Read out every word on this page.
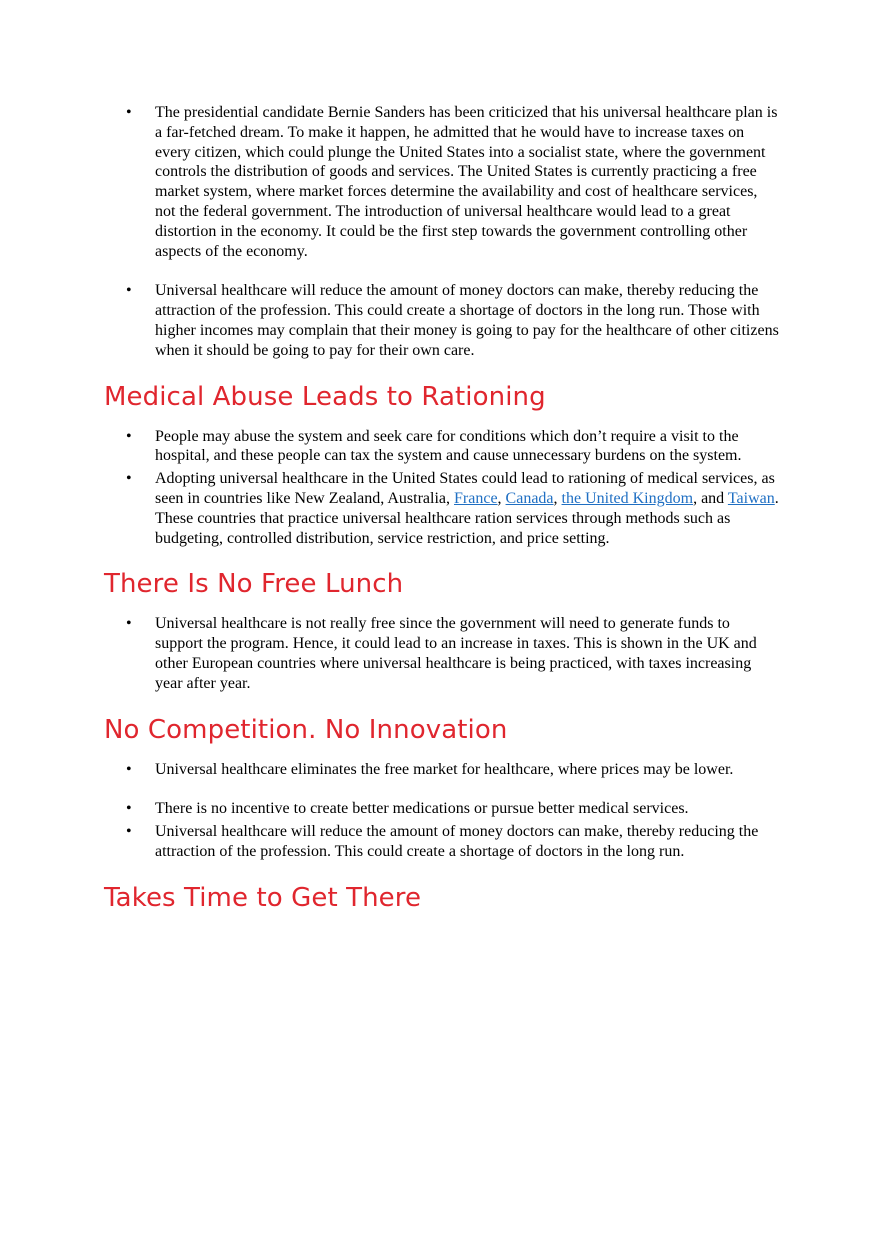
• The presidential candidate Bernie Sanders has been criticized that his universal healthcare plan is a far-fetched dream. To make it happen, he admitted that he would have to increase taxes on every citizen, which could plunge the United States into a socialist state, where the government controls the distribution of goods and services. The United States is currently practicing a free market system, where market forces determine the availability and cost of healthcare services, not the federal government. The introduction of universal healthcare would lead to a great distortion in the economy. It could be the first step towards the government controlling other aspects of the economy.
• Universal healthcare will reduce the amount of money doctors can make, thereby reducing the attraction of the profession. This could create a shortage of doctors in the long run. Those with higher incomes may complain that their money is going to pay for the healthcare of other citizens when it should be going to pay for their own care.
Medical Abuse Leads to Rationing
• People may abuse the system and seek care for conditions which don’t require a visit to the hospital, and these people can tax the system and cause unnecessary burdens on the system.
• Adopting universal healthcare in the United States could lead to rationing of medical services, as seen in countries like New Zealand, Australia, France, Canada, the United Kingdom, and Taiwan. These countries that practice universal healthcare ration services through methods such as budgeting, controlled distribution, service restriction, and price setting.
There Is No Free Lunch
• Universal healthcare is not really free since the government will need to generate funds to support the program. Hence, it could lead to an increase in taxes. This is shown in the UK and other European countries where universal healthcare is being practiced, with taxes increasing year after year.
No Competition. No Innovation
• Universal healthcare eliminates the free market for healthcare, where prices may be lower.
• There is no incentive to create better medications or pursue better medical services.
• Universal healthcare will reduce the amount of money doctors can make, thereby reducing the attraction of the profession. This could create a shortage of doctors in the long run.
Takes Time to Get There
